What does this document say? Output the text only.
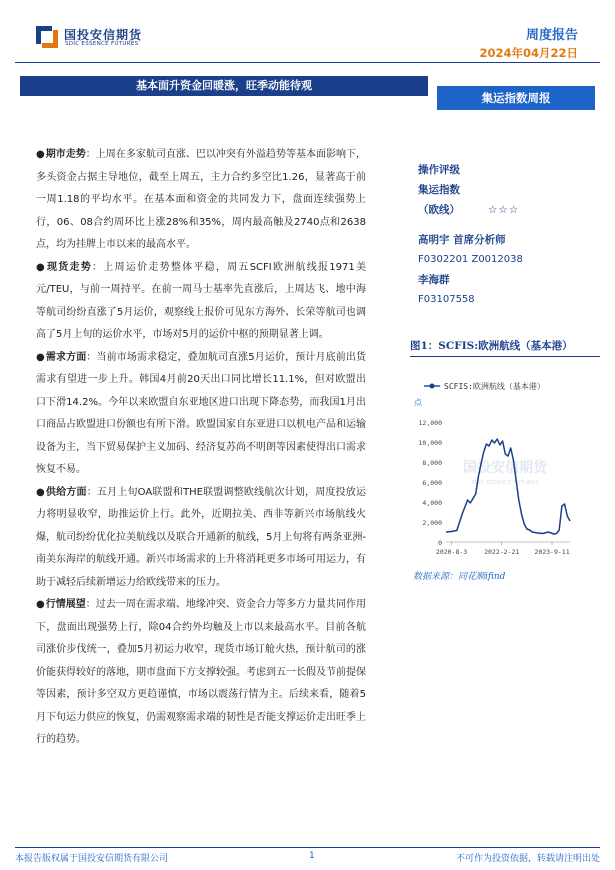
国投安信期货
SDIC ESSENCE FUTURES
周度报告
2024年04月22日
基本面升资金回暖涨，旺季动能待观
集运指数周报

●期市走势：上周在多家航司直涨、巴以冲突有外溢趋势等基本面影响下，多头资金占据主导地位，截至上周五，主力合约多空比1.26，显著高于前一周1.18的平均水平。在基本面和资金的共同发力下，盘面连续强势上行，06、08合约周环比上涨28%和35%，周内最高触及2740点和2638点，均为挂牌上市以来的最高水平。

●现货走势：上周运价走势整体平稳，周五SCFI欧洲航线报1971美元/TEU，与前一周持平。在前一周马士基率先直涨后，上周达飞、地中海等航司纷纷直涨了5月运价，观察线上报价可见东方海外、长荣等航司也调高了5月上旬的运价水平，市场对5月的运价中枢的预期显著上调。

●需求方面：当前市场需求稳定，叠加航司直涨5月运价，预计月底前出货需求有望进一步上升。韩国4月前20天出口同比增长11.1%，但对欧盟出口下滑14.2%。今年以来欧盟自东亚地区进口出现下降态势，而我国1月出口商品占欧盟进口份额也有所下滑。欧盟国家自东亚进口以机电产品和运输设备为主，当下贸易保护主义加码、经济复苏尚不明朗等因素使得出口需求恢复不易。

●供给方面：五月上旬OA联盟和THE联盟调整欧线航次计划，周度投放运力将明显收窄，助推运价上行。此外，近期拉美、西非等新兴市场航线火爆，航司纷纷优化拉美航线以及联合开通新的航线，5月上旬将有两条亚洲-南美东海岸的航线开通。新兴市场需求的上升将消耗更多市场可用运力，有助于减轻后续新增运力给欧线带来的压力。

●行情展望：过去一周在需求端、地缘冲突、资金合力等多方力量共同作用下，盘面出现强势上行，除04合约外均触及上市以来最高水平。目前各航司涨价步伐统一，叠加5月初运力收窄，现货市场订舱火热，预计航司的涨价能获得较好的落地，期市盘面下方支撑较强。考虑到五一长假及节前提保等因素，预计多空双方更趋谨慎，市场以震荡行情为主。后续来看，随着5月下旬运力供应的恢复，仍需观察需求端的韧性是否能支撑运价走出旺季上行的趋势。

操作评级
集运指数
（欧线）	☆☆☆
高明宇 首席分析师
F0302201 Z0012038
李海群
F03107558
图1：SCFIS:欧洲航线（基本港）
国投安信期货
SDIC ESSENCE FUTURES
SCFIS:欧洲航线（基本港）
点
0
2,000
4,000
6,000
8,000
10,000
12,000
2020-8-3	2022-2-21 2023-9-11
数据来源：同花顺ifind
本报告版权属于国投安信期货有限公司	1	不可作为投资依据，转载请注明出处
